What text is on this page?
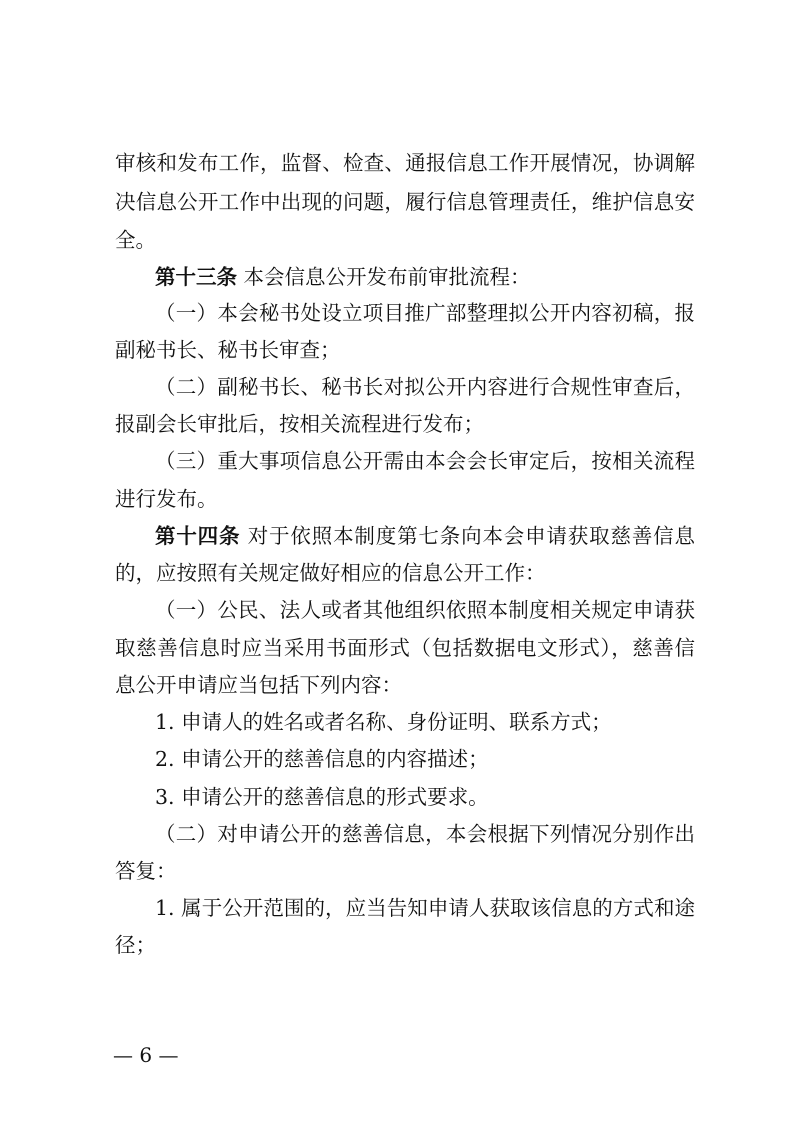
审核和发布工作，监督、检查、通报信息工作开展情况，协调解
决信息公开工作中出现的问题，履行信息管理责任，维护信息安
全。
第十三条 本会信息公开发布前审批流程：
（一）本会秘书处设立项目推广部整理拟公开内容初稿，报
副秘书长、秘书长审查；
（二）副秘书长、秘书长对拟公开内容进行合规性审查后，
报副会长审批后，按相关流程进行发布；
（三）重大事项信息公开需由本会会长审定后，按相关流程
进行发布。
第十四条 对于依照本制度第七条向本会申请获取慈善信息
的，应按照有关规定做好相应的信息公开工作：
（一）公民、法人或者其他组织依照本制度相关规定申请获
取慈善信息时应当采用书面形式（包括数据电文形式），慈善信
息公开申请应当包括下列内容：
1. 申请人的姓名或者名称、身份证明、联系方式；
2. 申请公开的慈善信息的内容描述；
3. 申请公开的慈善信息的形式要求。
（二）对申请公开的慈善信息，本会根据下列情况分别作出
答复：
1. 属于公开范围的，应当告知申请人获取该信息的方式和途
径；
— 6 —
